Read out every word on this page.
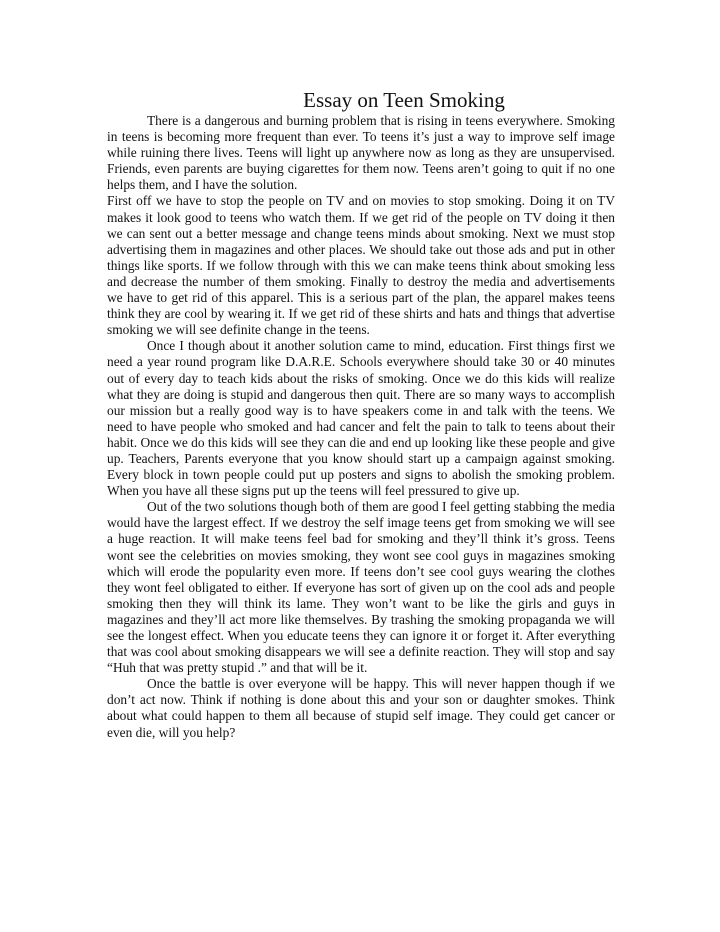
Essay on Teen Smoking

There is a dangerous and burning problem that is rising in teens everywhere. Smoking in teens is becoming more frequent than ever. To teens it’s just a way to improve self image while ruining there lives. Teens will light up anywhere now as long as they are unsupervised. Friends, even parents are buying cigarettes for them now. Teens aren’t going to quit if no one helps them, and I have the solution.

First off we have to stop the people on TV and on movies to stop smoking. Doing it on TV makes it look good to teens who watch them. If we get rid of the people on TV doing it then we can sent out a better message and change teens minds about smoking. Next we must stop advertising them in magazines and other places. We should take out those ads and put in other things like sports. If we follow through with this we can make teens think about smoking less and decrease the number of them smoking. Finally to destroy the media and advertisements we have to get rid of this apparel. This is a serious part of the plan, the apparel makes teens think they are cool by wearing it. If we get rid of these shirts and hats and things that advertise smoking we will see definite change in the teens.

Once I though about it another solution came to mind, education. First things first we need a year round program like D.A.R.E. Schools everywhere should take 30 or 40 minutes out of every day to teach kids about the risks of smoking. Once we do this kids will realize what they are doing is stupid and dangerous then quit. There are so many ways to accomplish our mission but a really good way is to have speakers come in and talk with the teens. We need to have people who smoked and had cancer and felt the pain to talk to teens about their habit. Once we do this kids will see they can die and end up looking like these people and give up. Teachers, Parents everyone that you know should start up a campaign against smoking. Every block in town people could put up posters and signs to abolish the smoking problem. When you have all these signs put up the teens will feel pressured to give up.

Out of the two solutions though both of them are good I feel getting stabbing the media would have the largest effect. If we destroy the self image teens get from smoking we will see a huge reaction. It will make teens feel bad for smoking and they’ll think it’s gross. Teens wont see the celebrities on movies smoking, they wont see cool guys in magazines smoking which will erode the popularity even more. If teens don’t see cool guys wearing the clothes they wont feel obligated to either. If everyone has sort of given up on the cool ads and people smoking then they will think its lame. They won’t want to be like the girls and guys in magazines and they’ll act more like themselves. By trashing the smoking propaganda we will see the longest effect. When you educate teens they can ignore it or forget it. After everything that was cool about smoking disappears we will see a definite reaction. They will stop and say “Huh that was pretty stupid .” and that will be it.

Once the battle is over everyone will be happy. This will never happen though if we don’t act now. Think if nothing is done about this and your son or daughter smokes. Think about what could happen to them all because of stupid self image. They could get cancer or even die, will you help?
